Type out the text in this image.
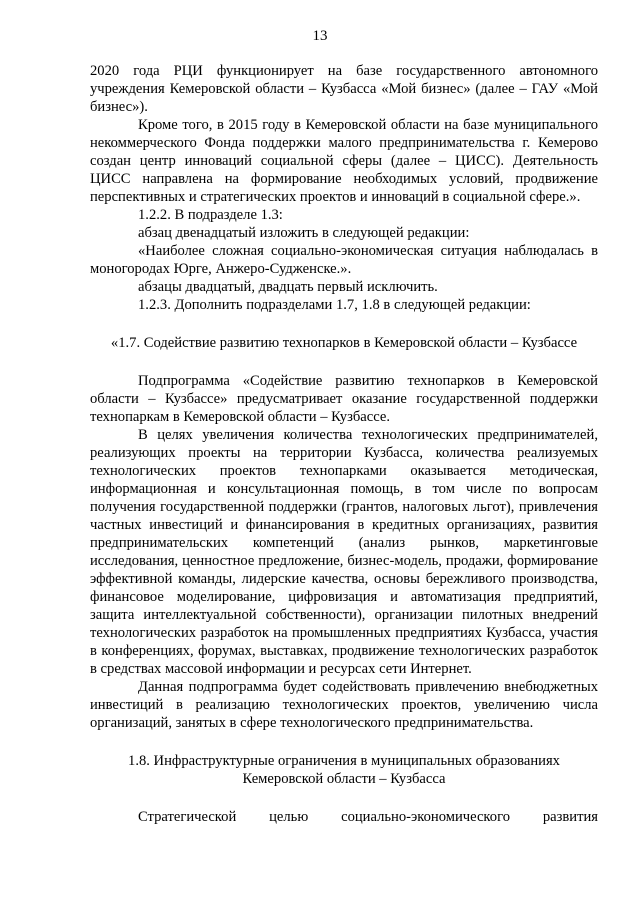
13

2020 года РЦИ функционирует на базе государственного автономного учреждения Кемеровской области – Кузбасса «Мой бизнес» (далее – ГАУ «Мой бизнес»).

Кроме того, в 2015 году в Кемеровской области на базе муниципального некоммерческого Фонда поддержки малого предпринимательства г. Кемерово создан центр инноваций социальной сферы (далее – ЦИСС). Деятельность ЦИСС направлена на формирование необходимых условий, продвижение перспективных и стратегических проектов и инноваций в социальной сфере.».

1.2.2. В подразделе 1.3:

абзац двенадцатый изложить в следующей редакции:

«Наиболее сложная социально-экономическая ситуация наблюдалась в моногородах Юрге, Анжеро-Судженске.».

абзацы двадцатый, двадцать первый исключить.

1.2.3. Дополнить подразделами 1.7, 1.8 в следующей редакции:

«1.7. Содействие развитию технопарков в Кемеровской области – Кузбассе

Подпрограмма «Содействие развитию технопарков в Кемеровской области – Кузбассе» предусматривает оказание государственной поддержки технопаркам в Кемеровской области – Кузбассе.

В целях увеличения количества технологических предпринимателей, реализующих проекты на территории Кузбасса, количества реализуемых технологических проектов технопарками оказывается методическая, информационная и консультационная помощь, в том числе по вопросам получения государственной поддержки (грантов, налоговых льгот), привлечения частных инвестиций и финансирования в кредитных организациях, развития предпринимательских компетенций (анализ рынков, маркетинговые исследования, ценностное предложение, бизнес-модель, продажи, формирование эффективной команды, лидерские качества, основы бережливого производства, финансовое моделирование, цифровизация и автоматизация предприятий, защита интеллектуальной собственности), организации пилотных внедрений технологических разработок на промышленных предприятиях Кузбасса, участия в конференциях, форумах, выставках, продвижение технологических разработок в средствах массовой информации и ресурсах сети Интернет.

Данная подпрограмма будет содействовать привлечению внебюджетных инвестиций в реализацию технологических проектов, увеличению числа организаций, занятых в сфере технологического предпринимательства.

1.8. Инфраструктурные ограничения в муниципальных образованиях

Кемеровской области – Кузбасса

Стратегической целью социально-экономического развития
